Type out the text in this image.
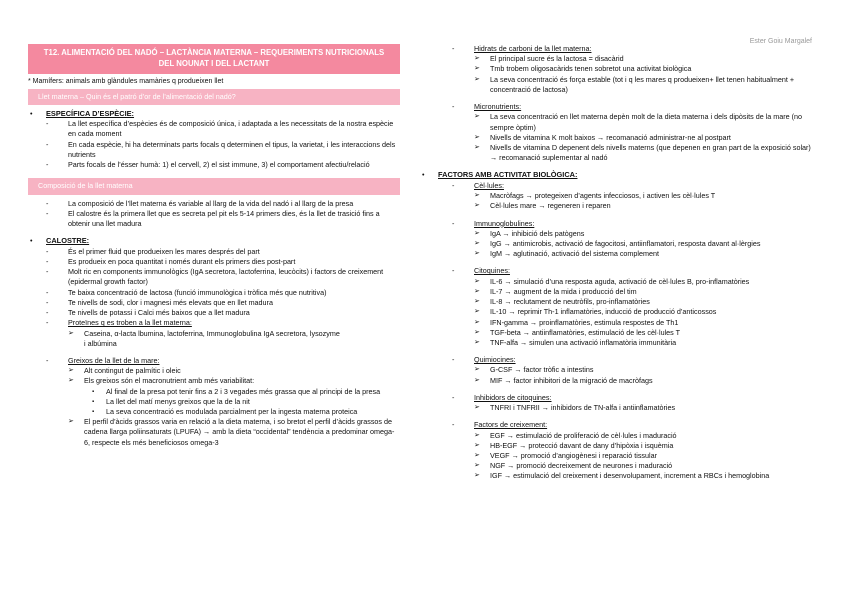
Ester Goiu Margalef
T12. ALIMENTACIÓ DEL NADÓ – LACTÀNCIA MATERNA – REQUERIMENTS NUTRICIONALS DEL NOUNAT I DEL LACTANT
* Mamífers: animals amb glàndules mamàries q produeixen llet
Llet materna – Quin és el patró d’or de l’alimentació del nadó?
•	ESPECÍFICA D’ESPÈCIE:
-	La llet específica d’espècies és de composició única, i adaptada a les necessitats de la nostra espècie en cada moment
-	En cada espècie, hi ha determinats parts focals q determinen el tipus, la varietat, i les interaccions dels nutrients
-	Parts focals de l’ésser humà: 1) el cervell, 2) el sist immune, 3) el comportament afectiu/relació
Composició de la llet materna
-	La composició de l’llet materna és variable al llarg de la vida del nadó i al llarg de la presa
-	El calostre és la primera llet que es secreta pel pit els 5-14 primers dies, és la llet de trasició fins a obtenir una llet madura
•	CALOSTRE:
-	És el primer fluid que produeixen les mares després del part
-	Es produeix en poca quantitat i només durant els primers dies post-part
-	Molt ric en components immunològics (IgA secretora, lactoferrina, leucòcits) i factors de creixement (epidermal growth factor)
-	Te baixa concentració de lactosa (funció immunològica i tròfica més que nutritiva)
-	Te nivells de sodi, clor i magnesi més elevats que en llet madura
-	Te nivells de potassi i Calci més baixos que a llet madura
-	Proteïnes q es troben a la llet materna:
➢	Caseina, α-lacta lbumina, lactoferrina, Immunoglobulina IgA secretora, lysozyme i albúmina
-	Greixos de la llet de la mare:
➢	Alt contingut de palmític i oleic
➢	Els greixos són el macronutrient amb més variabilitat:
▪	Al final de la presa pot tenir fins a 2 i 3 vegades més grassa que al principi de la presa
▪	La llet del matí menys greixos que la de la nit
▪	La seva concentració es modulada parcialment per la ingesta materna proteica
➢	El perfil d’àcids grassos varia en relació a la dieta materna, i so bretot el perfil d’àcids grassos de cadena llarga poliinsaturats (LPUFA) → amb la dieta “occidental” tendència a predominar omega-6, respecte els més beneficiosos omega-3
-	Hidrats de carboni de la llet materna:
➢	El principal sucre és la lactosa = disacàrid
➢	Tmb trobem oligosacàrids tenen sobretot una activitat biològica
➢	La seva concentració és força estable (tot i q les mares q produeixen+ llet tenen habitualment + concentració de lactosa)
-	Micronutrients:
➢	La seva concentració en llet materna depèn molt de la dieta materna i dels dipòsits de la mare (no sempre òptim)
➢	Nivells de vitamina K molt baixos → recomanació administrar-ne al postpart
➢	Nivells de vitamina D depenent dels nivells materns (que depenen en gran part de la exposició solar) → recomanació suplementar al nadó
•	FACTORS AMB ACTIVITAT BIOLÒGICA:
-	Cèl·lules:
➢	Macròfags → protegeixen d’agents infecciosos, i activen les cèl·lules T
➢	Cèl·lules mare → regeneren i reparen
-	Immunoglobulines:
➢	IgA → inhibició dels patògens
➢	IgG → antimicrobis, activació de fagocitosi, antiinflamatori, resposta davant al·lèrgies
➢	IgM → aglutinació, activació del sistema complement
-	Citoquines:
➢	IL-6 → simulació d’una resposta aguda, activació de cèl·lules B, pro-inflamatòries
➢	IL-7 → augment de la mida i producció del tim
➢	IL-8 → reclutament de neutròfils, pro-inflamatòries
➢	IL-10 → reprimir Th-1 inflamatòries, inducció de producció d’anticossos
➢	IFN-gamma → proinflamatòries, estimula respostes de Th1
➢	TGF-beta → antiinflamatòries, estimulació de les cèl·lules T
➢	TNF-alfa → simulen una activació inflamatòria immunitària
-	Quimiocines:
➢	G-CSF → factor tròfic a intestins
➢	MIF → factor inhibitori de la migració de macròfags
-	Inhibidors de citoquines:
➢	TNFRI i TNFRII → inhibidors de TN-alfa i antiinflamatòries
-	Factors de creixement:
➢	EGF → estimulació de proliferació de cèl·lules i maduració
➢	HB-EGF → protecció davant de dany d’hipòxia i isquèmia
➢	VEGF → promoció d’angiogènesi i reparació tissular
➢	NGF → promoció decreixement de neurones i maduració
➢	IGF → estimulació del creixement i desenvolupament, increment a RBCs i hemoglobina
